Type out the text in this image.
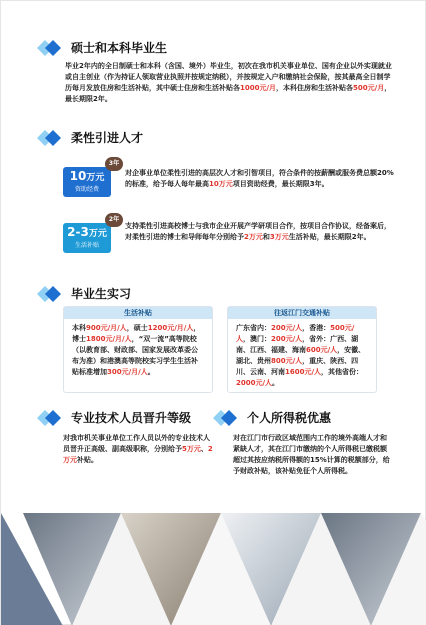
硕士和本科毕业生
毕业2年内的全日制硕士和本科（含国、境外）毕业生，初次在我市机关事业单位、国有企业以外实现就业或自主创业（作为持证人领取营业执照并按规定纳税），并按规定入户和缴纳社会保险，按其最高全日制学历每月发放住房和生活补贴，其中硕士住房和生活补贴各1000元/月，本科住房和生活补贴各500元/月，最长期限2年。
柔性引进人才
10万元
资助经费
3年
对企事业单位柔性引进的高层次人才和引智项目，符合条件的按薪酬或服务费总额20%的标准，给予每人每年最高10万元项目资助经费，最长期限3年。
2-3万元
生活补贴
2年
支持柔性引进高校博士与我市企业开展产学研项目合作，按项目合作协议，经备案后，对柔性引进的博士和导师每年分别给予2万元和3万元生活补贴，最长期限2年。
毕业生实习
生活补贴
本科900元/月/人，硕士1200元/月/人，博士1800元/月/人，“双一流”高等院校（以教育部、财政部、国家发展改革委公布为准）和港澳高等院校实习学生生活补贴标准增加300元/月/人。
往返江门交通补贴
广东省内：200元/人，香港：500元/人，澳门：200元/人，省外：广西、湖南、江西、福建、海南600元/人，安徽、湖北、贵州800元/人，重庆、陕西、四川、云南、河南1600元/人，其他省份：2000元/人。
专业技术人员晋升等级
对我市机关事业单位工作人员以外的专业技术人员晋升正高级、副高级职称，分别给予5万元、2万元补贴。
个人所得税优惠
对在江门市行政区域范围内工作的境外高端人才和紧缺人才，其在江门市缴纳的个人所得税已缴税额超过其按应纳税所得额的15%计算的税额部分，给予财政补贴，该补贴免征个人所得税。
